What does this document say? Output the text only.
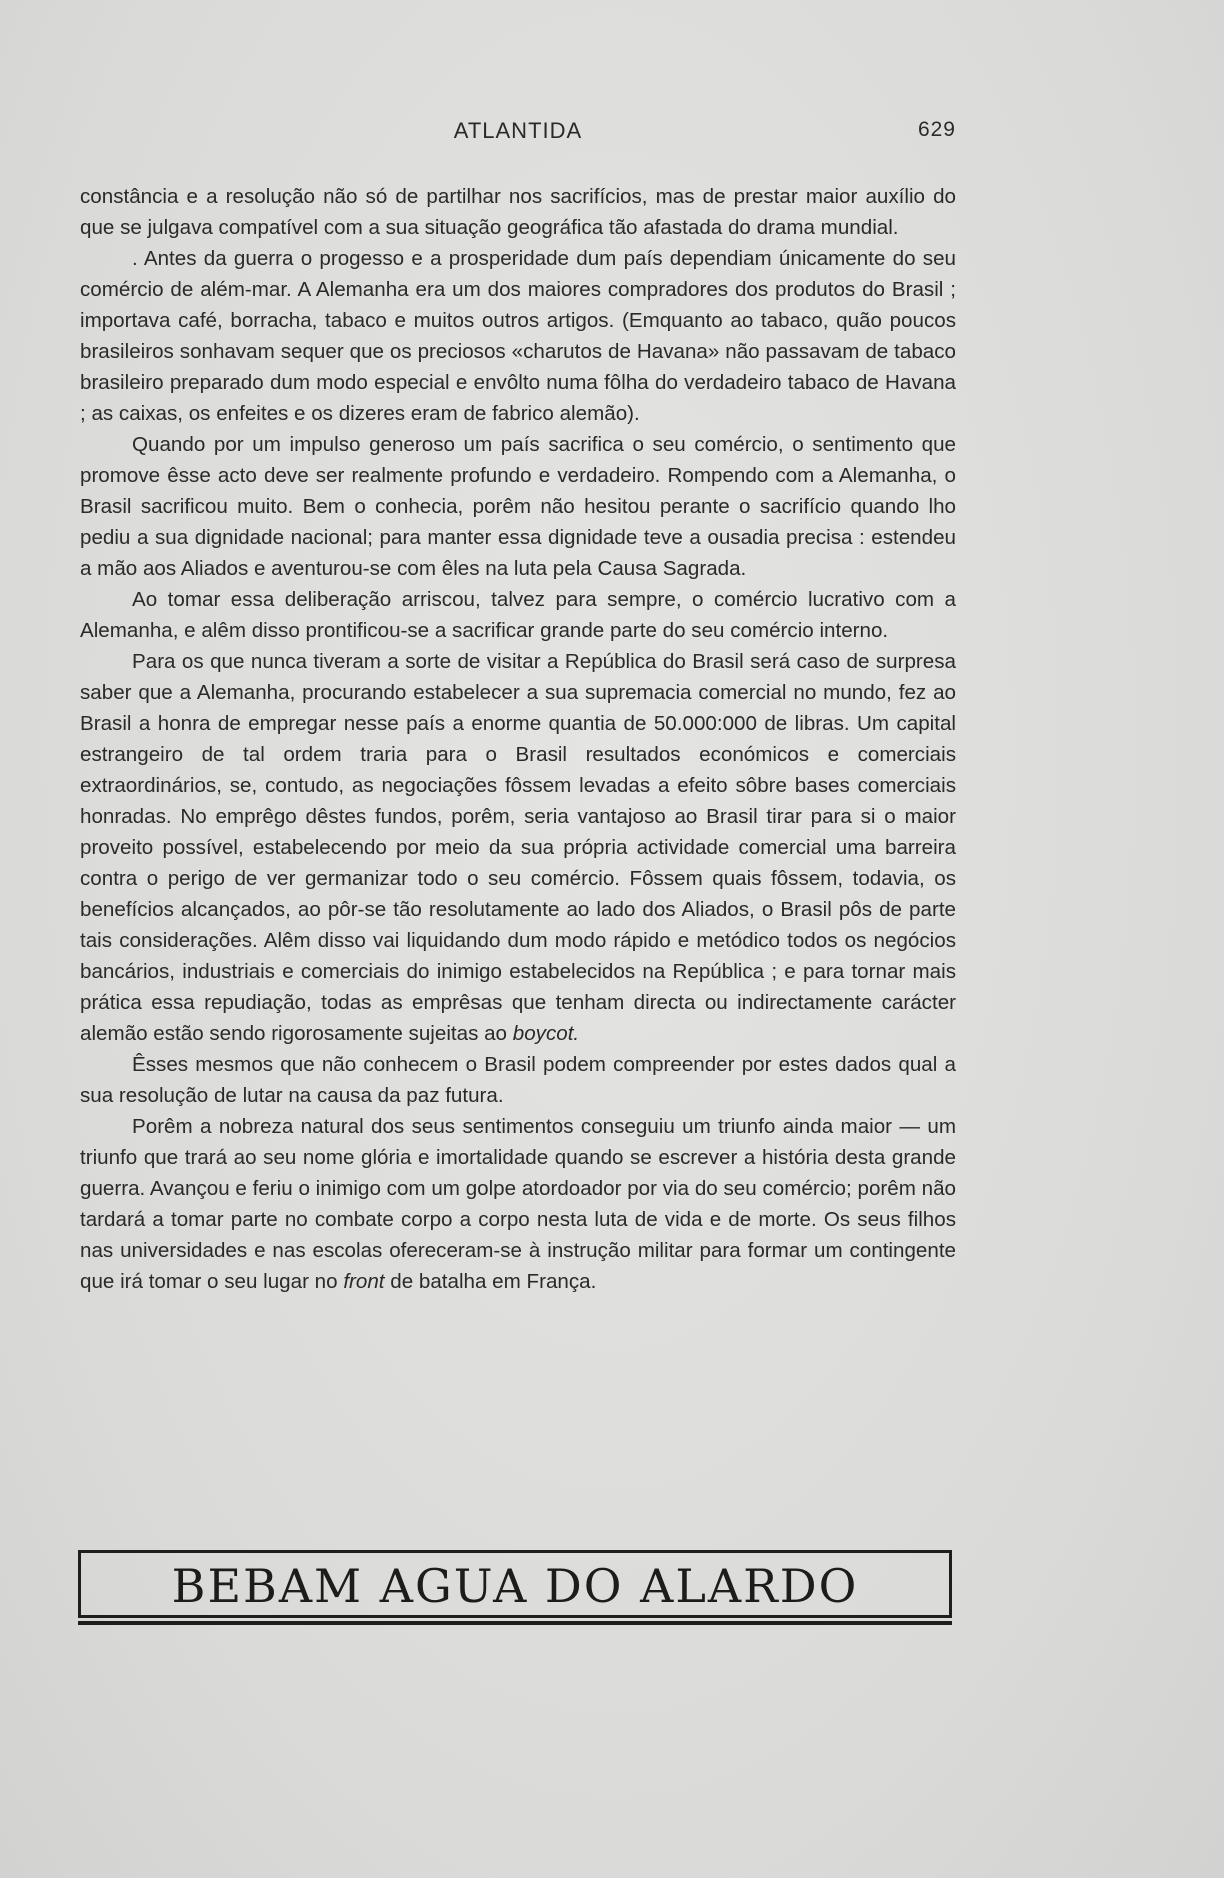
ATLANTIDA	629

constância e a resolução não só de partilhar nos sacrifícios, mas de prestar maior auxílio do que se julgava compatível com a sua situação geográfica tão afastada do drama mundial.

. Antes da guerra o progesso e a prosperidade dum país dependiam únicamente do seu comércio de além-mar. A Alemanha era um dos maiores compradores dos produtos do Brasil ; importava café, borracha, tabaco e muitos outros artigos. (Emquanto ao tabaco, quão poucos brasileiros sonhavam sequer que os preciosos «charutos de Havana» não passavam de tabaco brasileiro preparado dum modo especial e envôlto numa fôlha do verdadeiro tabaco de Havana ; as caixas, os enfeites e os dizeres eram de fabrico alemão).

Quando por um impulso generoso um país sacrifica o seu comércio, o sentimento que promove êsse acto deve ser realmente profundo e verdadeiro. Rompendo com a Alemanha, o Brasil sacrificou muito. Bem o conhecia, porêm não hesitou perante o sacrifício quando lho pediu a sua dignidade nacional; para manter essa dignidade teve a ousadia precisa : estendeu a mão aos Aliados e aventurou-se com êles na luta pela Causa Sagrada.

Ao tomar essa deliberação arriscou, talvez para sempre, o comércio lucrativo com a Alemanha, e alêm disso prontificou-se a sacrificar grande parte do seu comércio interno.

Para os que nunca tiveram a sorte de visitar a República do Brasil será caso de surpresa saber que a Alemanha, procurando estabelecer a sua supremacia comercial no mundo, fez ao Brasil a honra de empregar nesse país a enorme quantia de 50.000:000 de libras. Um capital estrangeiro de tal ordem traria para o Brasil resultados económicos e comerciais extraordinários, se, contudo, as negociações fôssem levadas a efeito sôbre bases comerciais honradas. No emprêgo dêstes fundos, porêm, seria vantajoso ao Brasil tirar para si o maior proveito possível, estabelecendo por meio da sua própria actividade comercial uma barreira contra o perigo de ver germanizar todo o seu comércio. Fôssem quais fôssem, todavia, os benefícios alcançados, ao pôr-se tão resolutamente ao lado dos Aliados, o Brasil pôs de parte tais considerações. Alêm disso vai liquidando dum modo rápido e metódico todos os negócios bancários, industriais e comerciais do inimigo estabelecidos na República ; e para tornar mais prática essa repudiação, todas as emprêsas que tenham directa ou indirectamente carácter alemão estão sendo rigorosamente sujeitas ao boycot.

Êsses mesmos que não conhecem o Brasil podem compreender por estes dados qual a sua resolução de lutar na causa da paz futura.

Porêm a nobreza natural dos seus sentimentos conseguiu um triunfo ainda maior — um triunfo que trará ao seu nome glória e imortalidade quando se escrever a história desta grande guerra. Avançou e feriu o inimigo com um golpe atordoador por via do seu comércio; porêm não tardará a tomar parte no combate corpo a corpo nesta luta de vida e de morte. Os seus filhos nas universidades e nas escolas ofereceram-se à instrução militar para formar um contingente que irá tomar o seu lugar no front de batalha em França.

BEBAM AGUA DO ALARDO
